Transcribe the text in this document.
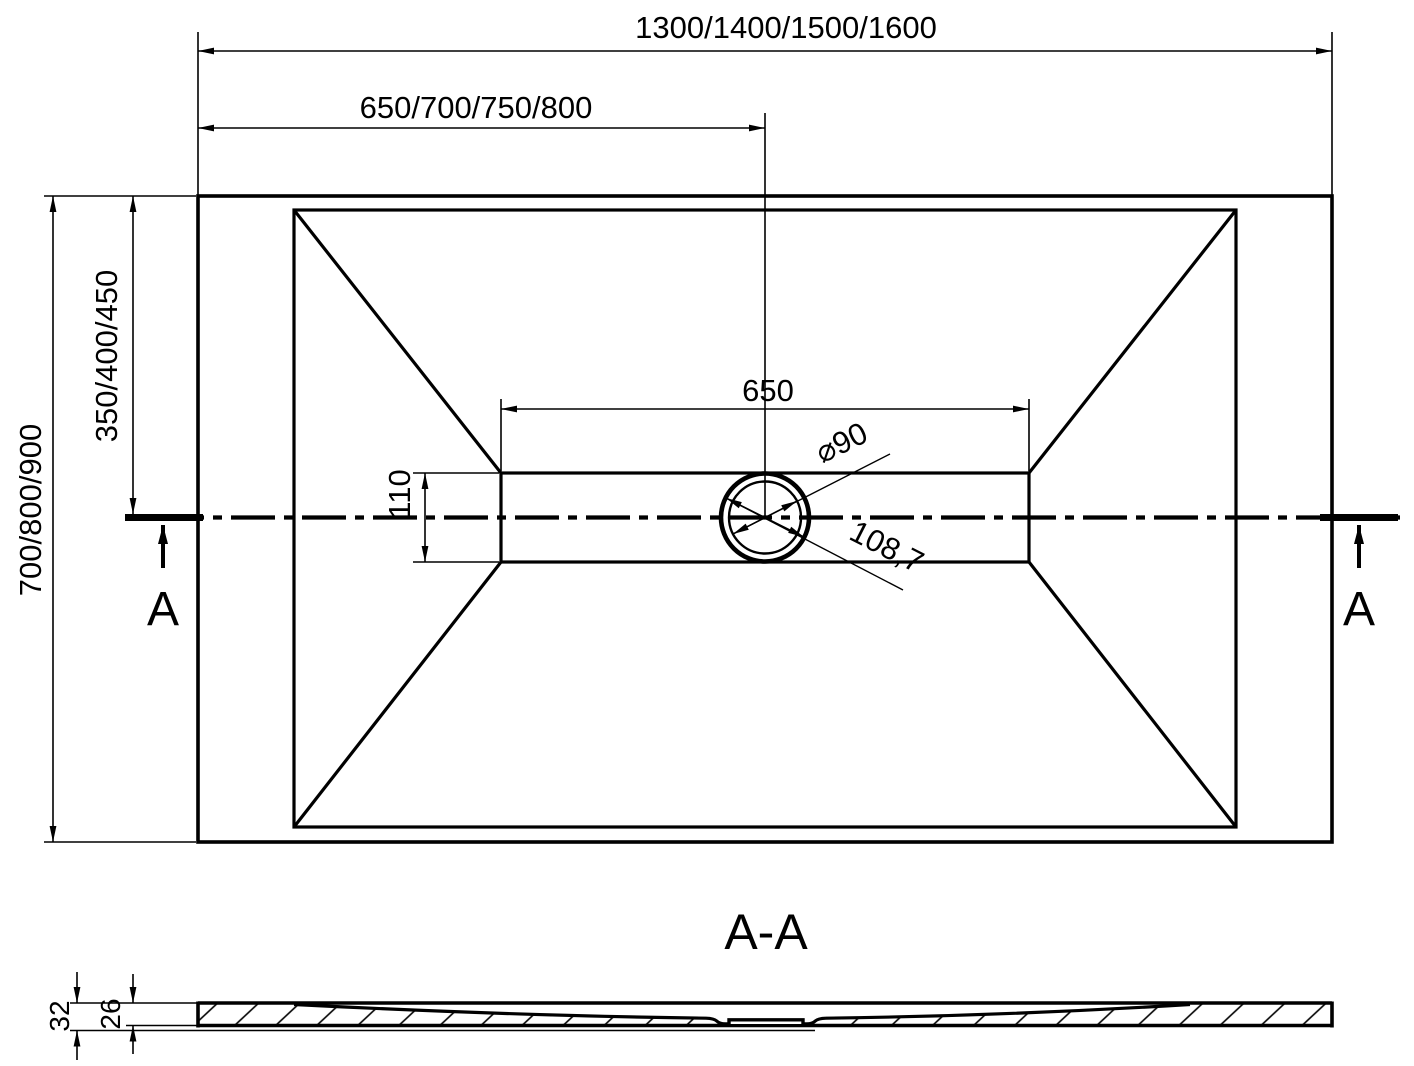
A	A
1300/1400/1500/1600
650/700/750/800
700/800/900
350/400/450	650
110
⌀90
108,7
A-A
32 26
